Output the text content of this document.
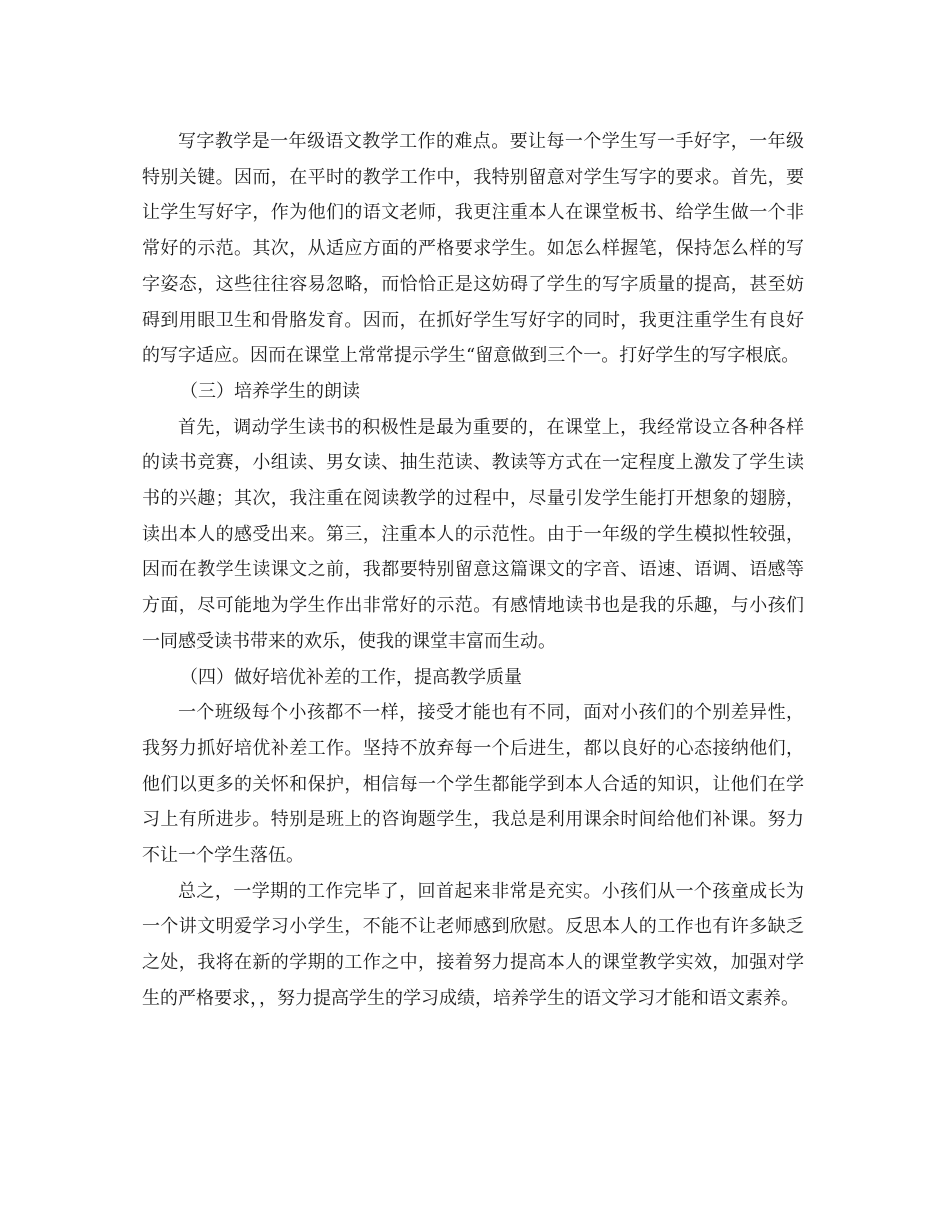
写字教学是一年级语文教学工作的难点。要让每一个学生写一手好字，一年级特别关键。因而，在平时的教学工作中，我特别留意对学生写字的要求。首先，要让学生写好字，作为他们的语文老师，我更注重本人在课堂板书、给学生做一个非常好的示范。其次，从适应方面的严格要求学生。如怎么样握笔，保持怎么样的写字姿态，这些往往容易忽略，而恰恰正是这妨碍了学生的写字质量的提高，甚至妨碍到用眼卫生和骨胳发育。因而，在抓好学生写好字的同时，我更注重学生有良好的写字适应。因而在课堂上常常提示学生“留意做到三个一。打好学生的写字根底。

（三）培养学生的朗读

首先，调动学生读书的积极性是最为重要的，在课堂上，我经常设立各种各样的读书竞赛，小组读、男女读、抽生范读、教读等方式在一定程度上激发了学生读书的兴趣；其次，我注重在阅读教学的过程中，尽量引发学生能打开想象的翅膀，读出本人的感受出来。第三，注重本人的示范性。由于一年级的学生模拟性较强，因而在教学生读课文之前，我都要特别留意这篇课文的字音、语速、语调、语感等方面，尽可能地为学生作出非常好的示范。有感情地读书也是我的乐趣，与小孩们一同感受读书带来的欢乐，使我的课堂丰富而生动。

（四）做好培优补差的工作，提高教学质量

一个班级每个小孩都不一样，接受才能也有不同，面对小孩们的个别差异性，我努力抓好培优补差工作。坚持不放弃每一个后进生，都以良好的心态接纳他们，他们以更多的关怀和保护，相信每一个学生都能学到本人合适的知识，让他们在学习上有所进步。特别是班上的咨询题学生，我总是利用课余时间给他们补课。努力不让一个学生落伍。

总之，一学期的工作完毕了，回首起来非常是充实。小孩们从一个孩童成长为一个讲文明爱学习小学生，不能不让老师感到欣慰。反思本人的工作也有许多缺乏之处，我将在新的学期的工作之中，接着努力提高本人的课堂教学实效，加强对学生的严格要求，，努力提高学生的学习成绩，培养学生的语文学习才能和语文素养。
